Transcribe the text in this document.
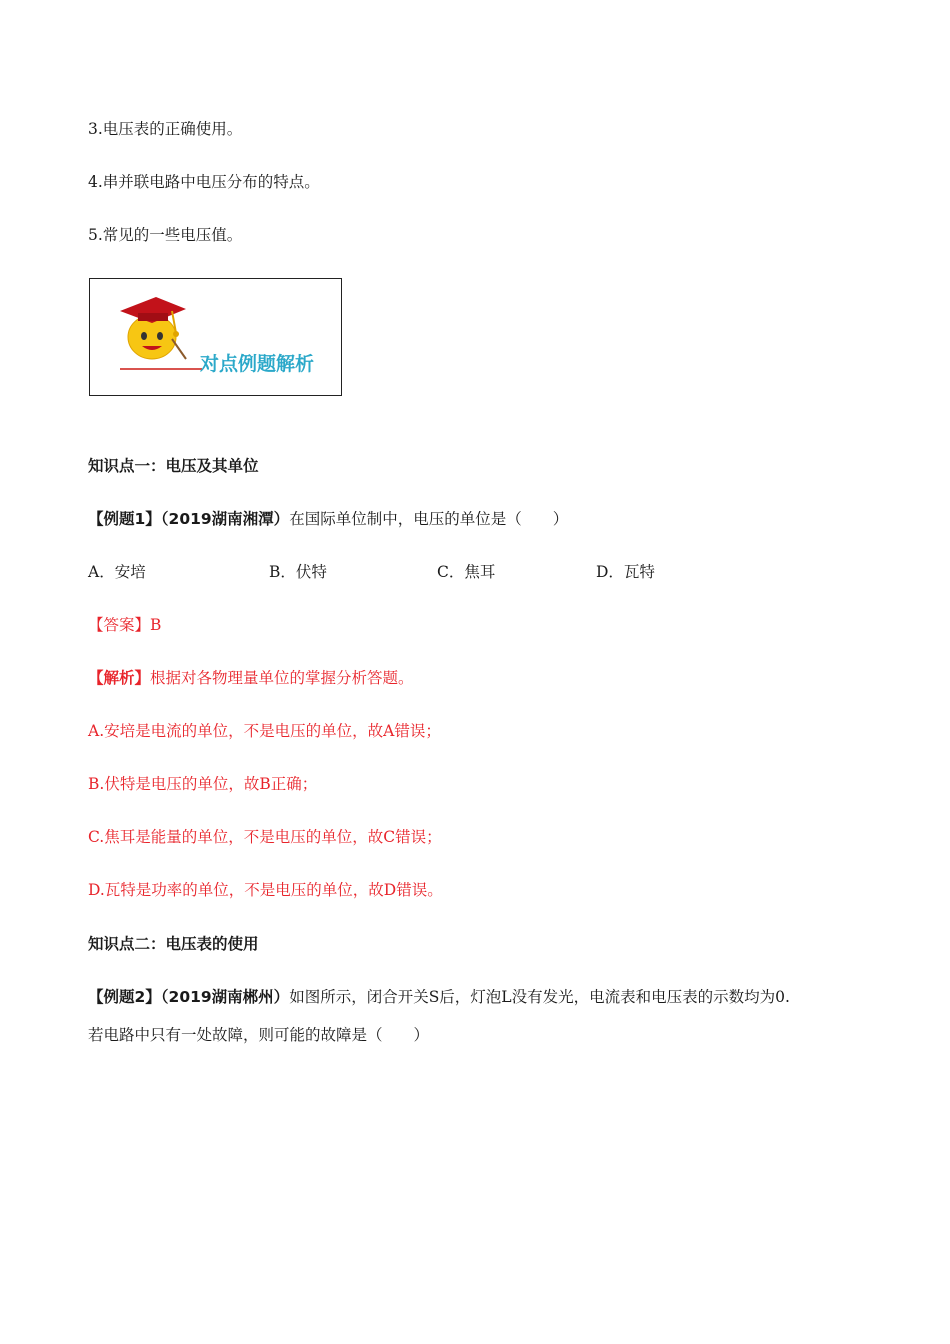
3.电压表的正确使用。
4.串并联电路中电压分布的特点。
5.常见的一些电压值。
对点例题解析
知识点一：电压及其单位
【例题1】（2019湖南湘潭）在国际单位制中，电压的单位是（　　）
A．安培	B．伏特	C．焦耳	D．瓦特
【答案】B
【解析】根据对各物理量单位的掌握分析答题。
A.安培是电流的单位，不是电压的单位，故A错误；
B.伏特是电压的单位，故B正确；
C.焦耳是能量的单位，不是电压的单位，故C错误；
D.瓦特是功率的单位，不是电压的单位，故D错误。
知识点二：电压表的使用
【例题2】（2019湖南郴州）如图所示，闭合开关S后，灯泡L没有发光，电流表和电压表的示数均为0.
若电路中只有一处故障，则可能的故障是（　　）
